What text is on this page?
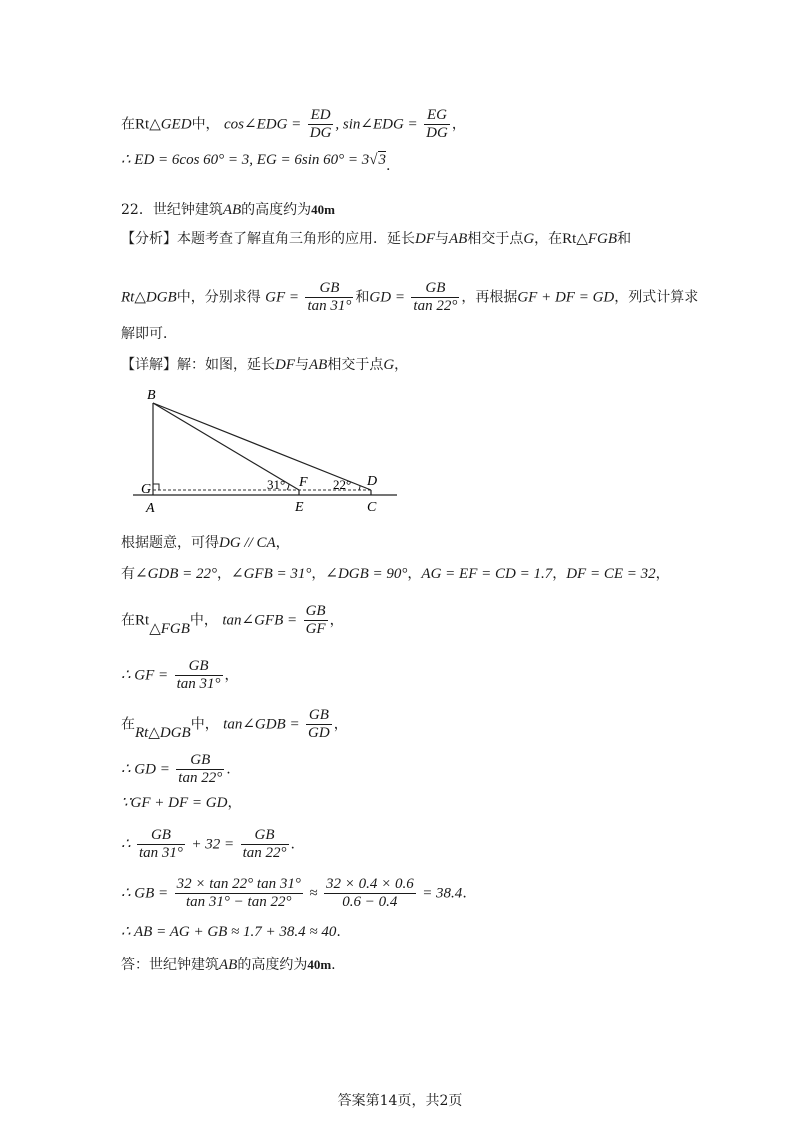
在Rt△GED中， cos∠EDG = $\frac{ED}{DG}$ , sin∠EDG = $\frac{EG}{DG}$ ，
∴ ED = 6cos 60° = 3, EG = 6sin 60° = 3√3.
22．世纪钟建筑AB的高度约为40m
【分析】本题考查了解直角三角形的应用．延长DF与AB相交于点G，在Rt△FGB和
Rt△DGB中，分别求得 GF = $\frac{GB}{\tan 31^\circ}$ 和GD = $\frac{GB}{\tan 22^\circ}$ ，再根据GF + DF = GD，列式计算求
解即可．
【详解】解：如图，延长DF与AB相交于点G，
B
G
A
F
E
D
C
31°	22°
根据题意，可得DG // CA，
有∠GDB = 22°，∠GFB = 31°，∠DGB = 90°，AG = EF = CD = 1.7，DF = CE = 32，
在Rt△FGB中， tan∠GFB = $\frac{GB}{GF}$ ，
∴ GF = $\frac{GB}{\tan 31^\circ}$ ，
在Rt△DGB中， tan∠GDB = $\frac{GB}{GD}$ ，
∴ GD = $\frac{GB}{\tan 22^\circ}$ .
∵GF + DF = GD，
∴ $\frac{GB}{\tan 31^\circ} + 32 = \frac{GB}{\tan 22^\circ}$ .
∴ GB = $\frac{32 \times \tan 22^\circ \tan 31^\circ}{\tan 31^\circ - \tan 22^\circ} \approx \frac{32 \times 0.4 \times 0.6}{0.6 - 0.4} = 38.4$.
∴ AB = AG + GB ≈ 1.7 + 38.4 ≈ 40.
答：世纪钟建筑AB的高度约为40m.
答案第14页，共2页
